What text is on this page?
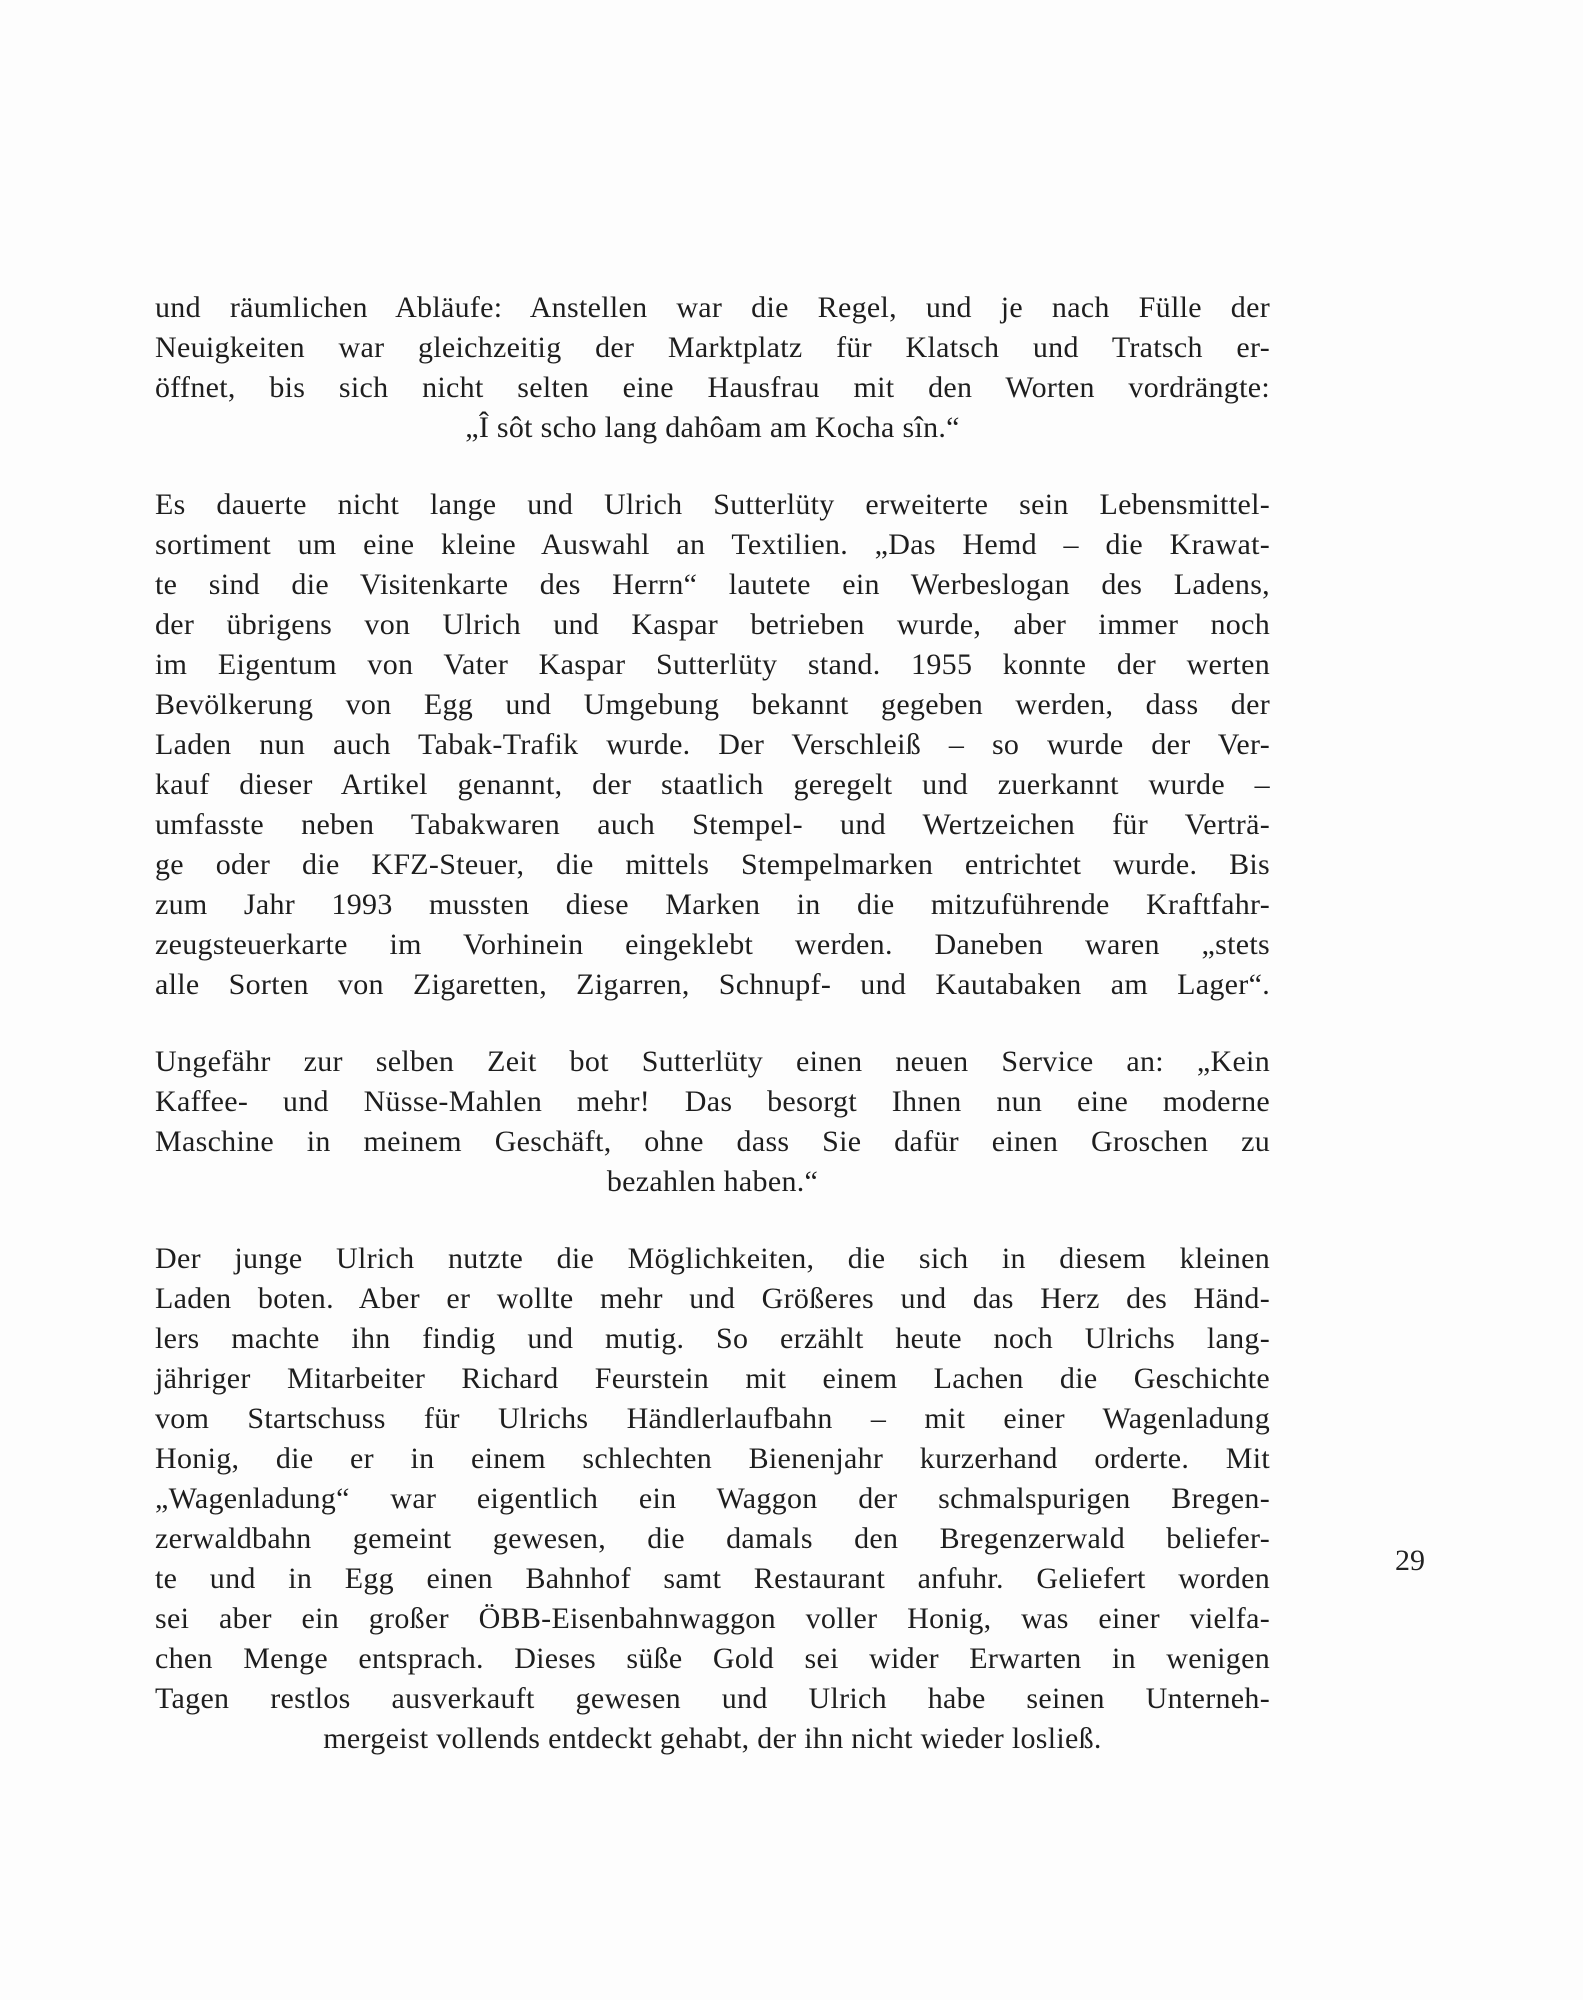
und räumlichen Abläufe: Anstellen war die Regel, und je nach Fülle der
Neuigkeiten war gleichzeitig der Marktplatz für Klatsch und Tratsch er-
öffnet, bis sich nicht selten eine Hausfrau mit den Worten vordrängte:
„Î sôt scho lang dahôam am Kocha sîn.“

Es dauerte nicht lange und Ulrich Sutterlüty erweiterte sein Lebensmittel-
sortiment um eine kleine Auswahl an Textilien. „Das Hemd – die Krawat-
te sind die Visitenkarte des Herrn“ lautete ein Werbeslogan des Ladens,
der übrigens von Ulrich und Kaspar betrieben wurde, aber immer noch
im Eigentum von Vater Kaspar Sutterlüty stand. 1955 konnte der werten
Bevölkerung von Egg und Umgebung bekannt gegeben werden, dass der
Laden nun auch Tabak-Trafik wurde. Der Verschleiß – so wurde der Ver-
kauf dieser Artikel genannt, der staatlich geregelt und zuerkannt wurde –
umfasste neben Tabakwaren auch Stempel- und Wertzeichen für Verträ-
ge oder die KFZ-Steuer, die mittels Stempelmarken entrichtet wurde. Bis
zum Jahr 1993 mussten diese Marken in die mitzuführende Kraftfahr-
zeugsteuerkarte im Vorhinein eingeklebt werden. Daneben waren „stets
alle Sorten von Zigaretten, Zigarren, Schnupf- und Kautabaken am Lager“.

Ungefähr zur selben Zeit bot Sutterlüty einen neuen Service an: „Kein
Kaffee- und Nüsse-Mahlen mehr! Das besorgt Ihnen nun eine moderne
Maschine in meinem Geschäft, ohne dass Sie dafür einen Groschen zu
bezahlen haben.“

Der junge Ulrich nutzte die Möglichkeiten, die sich in diesem kleinen
Laden boten. Aber er wollte mehr und Größeres und das Herz des Händ-
lers machte ihn findig und mutig. So erzählt heute noch Ulrichs lang-
jähriger Mitarbeiter Richard Feurstein mit einem Lachen die Geschichte
vom Startschuss für Ulrichs Händlerlaufbahn – mit einer Wagenladung
Honig, die er in einem schlechten Bienenjahr kurzerhand orderte. Mit
„Wagenladung“ war eigentlich ein Waggon der schmalspurigen Bregen-
zerwaldbahn gemeint gewesen, die damals den Bregenzerwald beliefer-
te und in Egg einen Bahnhof samt Restaurant anfuhr. Geliefert worden
sei aber ein großer ÖBB-Eisenbahnwaggon voller Honig, was einer vielfa-
chen Menge entsprach. Dieses süße Gold sei wider Erwarten in wenigen
Tagen restlos ausverkauft gewesen und Ulrich habe seinen Unterneh-
mergeist vollends entdeckt gehabt, der ihn nicht wieder losließ.

29
